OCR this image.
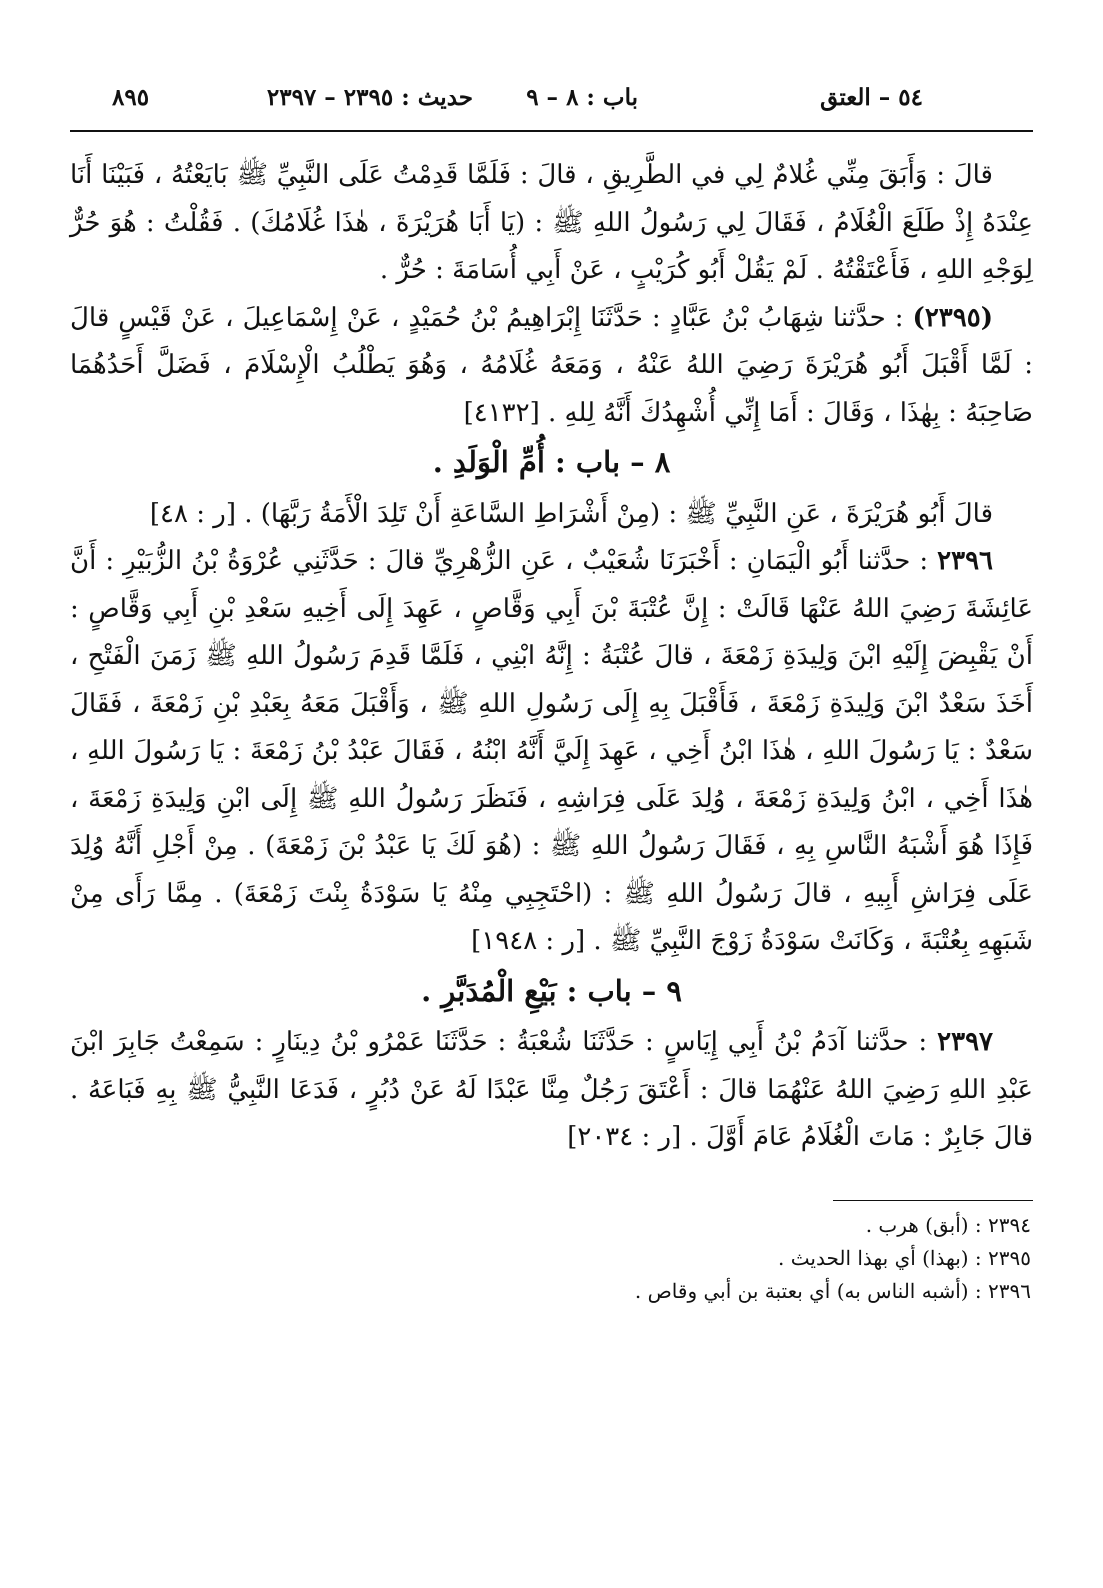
٥٤ – العتق
باب : ٨ – ٩
حديث : ٢٣٩٥ – ٢٣٩٧
٨٩٥

قالَ : وَأَبَقَ مِنِّي غُلامٌ لِي في الطَّرِيقِ ، قالَ : فَلَمَّا قَدِمْتُ عَلَى النَّبِيِّ ﷺ بَايَعْتُهُ ، فَبَيْنَا أَنَا عِنْدَهُ إِذْ طَلَعَ الْغُلَامُ ، فَقَالَ لِي رَسُولُ اللهِ ﷺ : (يَا أَبَا هُرَيْرَةَ ، هٰذَا غُلَامُكَ) . فَقُلْتُ : هُوَ حُرٌّ لِوَجْهِ اللهِ ، فَأَعْتَقْتُهُ . لَمْ يَقُلْ أَبُو كُرَيْبٍ ، عَنْ أَبِي أُسَامَةَ : حُرٌّ .

(٢٣٩٥) : حدَّثنا شِهَابُ بْنُ عَبَّادٍ : حَدَّثَنَا إِبْرَاهِيمُ بْنُ حُمَيْدٍ ، عَنْ إِسْمَاعِيلَ ، عَنْ قَيْسٍ قالَ : لَمَّا أَقْبَلَ أَبُو هُرَيْرَةَ رَضِيَ اللهُ عَنْهُ ، وَمَعَهُ غُلَامُهُ ، وَهُوَ يَطْلُبُ الْإِسْلَامَ ، فَضَلَّ أَحَدُهُمَا صَاحِبَهُ : بِهٰذَا ، وَقَالَ : أَمَا إِنِّي أُشْهِدُكَ أَنَّهُ لِلهِ . [٤١٣٢]

٨ – باب : أُمِّ الْوَلَدِ .

قالَ أَبُو هُرَيْرَةَ ، عَنِ النَّبِيِّ ﷺ : (مِنْ أَشْرَاطِ السَّاعَةِ أَنْ تَلِدَ الْأَمَةُ رَبَّهَا) . [ر : ٤٨]

٢٣٩٦ : حدَّثنا أَبُو الْيَمَانِ : أَخْبَرَنَا شُعَيْبٌ ، عَنِ الزُّهْرِيِّ قالَ : حَدَّثَنِي عُرْوَةُ بْنُ الزُّبَيْرِ : أَنَّ عَائِشَةَ رَضِيَ اللهُ عَنْهَا قَالَتْ : إِنَّ عُتْبَةَ بْنَ أَبِي وَقَّاصٍ ، عَهِدَ إِلَى أَخِيهِ سَعْدِ بْنِ أَبِي وَقَّاصٍ : أَنْ يَقْبِضَ إِلَيْهِ ابْنَ وَلِيدَةِ زَمْعَةَ ، قالَ عُتْبَةُ : إِنَّهُ ابْنِي ، فَلَمَّا قَدِمَ رَسُولُ اللهِ ﷺ زَمَنَ الْفَتْحِ ، أَخَذَ سَعْدٌ ابْنَ وَلِيدَةِ زَمْعَةَ ، فَأَقْبَلَ بِهِ إِلَى رَسُولِ اللهِ ﷺ ، وَأَقْبَلَ مَعَهُ بِعَبْدِ بْنِ زَمْعَةَ ، فَقَالَ سَعْدٌ : يَا رَسُولَ اللهِ ، هٰذَا ابْنُ أَخِي ، عَهِدَ إِلَيَّ أَنَّهُ ابْنُهُ ، فَقَالَ عَبْدُ بْنُ زَمْعَةَ : يَا رَسُولَ اللهِ ، هٰذَا أَخِي ، ابْنُ وَلِيدَةِ زَمْعَةَ ، وُلِدَ عَلَى فِرَاشِهِ ، فَنَظَرَ رَسُولُ اللهِ ﷺ إِلَى ابْنِ وَلِيدَةِ زَمْعَةَ ، فَإِذَا هُوَ أَشْبَهُ النَّاسِ بِهِ ، فَقَالَ رَسُولُ اللهِ ﷺ : (هُوَ لَكَ يَا عَبْدُ بْنَ زَمْعَةَ) . مِنْ أَجْلِ أَنَّهُ وُلِدَ عَلَى فِرَاشِ أَبِيهِ ، قالَ رَسُولُ اللهِ ﷺ : (احْتَجِبِي مِنْهُ يَا سَوْدَةُ بِنْتَ زَمْعَةَ) . مِمَّا رَأَى مِنْ شَبَهِهِ بِعُتْبَةَ ، وَكَانَتْ سَوْدَةُ زَوْجَ النَّبِيِّ ﷺ . [ر : ١٩٤٨]

٩ – باب : بَيْعِ الْمُدَبَّرِ .

٢٣٩٧ : حدَّثنا آدَمُ بْنُ أَبِي إِيَاسٍ : حَدَّثَنَا شُعْبَةُ : حَدَّثَنَا عَمْرُو بْنُ دِينَارٍ : سَمِعْتُ جَابِرَ ابْنَ عَبْدِ اللهِ رَضِيَ اللهُ عَنْهُمَا قالَ : أَعْتَقَ رَجُلٌ مِنَّا عَبْدًا لَهُ عَنْ دُبُرٍ ، فَدَعَا النَّبِيُّ ﷺ بِهِ فَبَاعَهُ . قالَ جَابِرٌ : مَاتَ الْغُلَامُ عَامَ أَوَّلَ . [ر : ٢٠٣٤]

٢٣٩٤ : (أبق) هرب .

٢٣٩٥ : (بهذا) أي بهذا الحديث .

٢٣٩٦ : (أشبه الناس به) أي بعتبة بن أبي وقاص .
